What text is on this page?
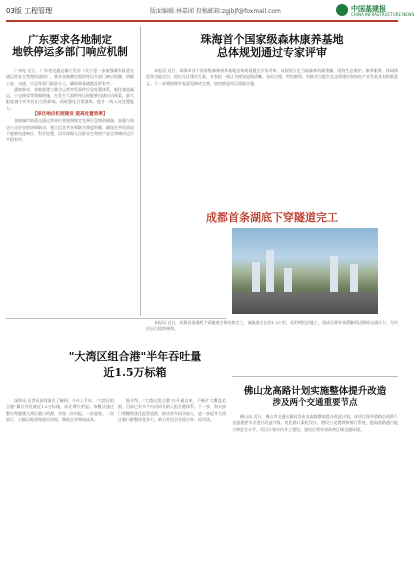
03版 工程管理	版面编辑:林嘉闻 投稿邮箱:zgjbjf@foxmail.com	中国基建报
CHINA INFRASTRUCTURE NEWS
广东要求各地制定
地铁停运多部门响应机制

广州电 近日，广东省交通运输厅发布《关于进一步加强城市轨道交通运营安全管理的通知》，要求各地制定地铁停运多部门响应机制，明确公安、交通、应急等部门职责分工，确保乘客疏散及时有序。

通知要求，各地要建立健全运营突发事件应急处置体系，细化客流疏运、公交接驳等保障措施，在发生大面积停运时能够迅速启动预案，最大限度减少对市民出行的影响。同时强化日常演练，提升一线人员处置能力。

【深化响应机制建设 提高处置效率】

各地城市轨道交通运营单位要按照规定完善应急物资储备，加强与周边公交企业的协调联动，建立信息共享和联合调度机制，确保在突发情况下能够快速响应、科学处置，切实保障人民群众生命财产安全和城市运行平稳有序。

"大湾区组合港"半年吞吐量
近1.5万标箱

深圳讯 记者从深圳海关了解到，今年上半年，"大湾区组合港"累计吞吐量近1.5万标箱，同比增长明显。该模式通过整合粤港澳大湾区港口资源，实现一次申报、一次查验、一次放行，大幅压缩货物通关时间，降低企业物流成本。

据介绍，"大湾区组合港"自开通以来，不断扩大覆盖范围，目前已有多个内河码头纳入组合港体系。下一步，海关部门将继续优化监管流程，推动更多码头加入，进一步提升大湾区港口群整体竞争力，助力外贸企业稳订单、拓市场。

珠海首个国家级森林康养基地
总体规划通过专家评审

本报讯 近日，珠海市首个国家级森林康养基地总体规划通过专家评审。该规划立足当地森林资源禀赋，围绕生态保护、康养服务、休闲体验等功能定位，提出分区建设方案，专家组一致认为规划思路清晰、布局合理、特色鲜明，对推动当地生态文明建设和绿色产业发展具有积极意义。下一步将按照专家意见修改完善，加快推进项目落地实施。

成都首条湖底下穿隧道完工

本报讯 近日，成都首条湖底下穿隧道主体结构完工。该隧道全长约1.2公里，采用明挖法施工，建成后将有效缓解周边路网交通压力，为市民出行提供便利。

佛山龙高路计划实施整体提升改造
涉及两个交通重要节点

佛山讯 近日，佛山市交通运输局发布龙高路整体提升改造计划。该项目将对道路沿线两个交通重要节点进行改造升级，优化路口渠化设计，增设公交港湾和慢行系统，提高道路通行能力和安全水平。项目计划年内开工建设，建成后将有效改善区域交通环境。
